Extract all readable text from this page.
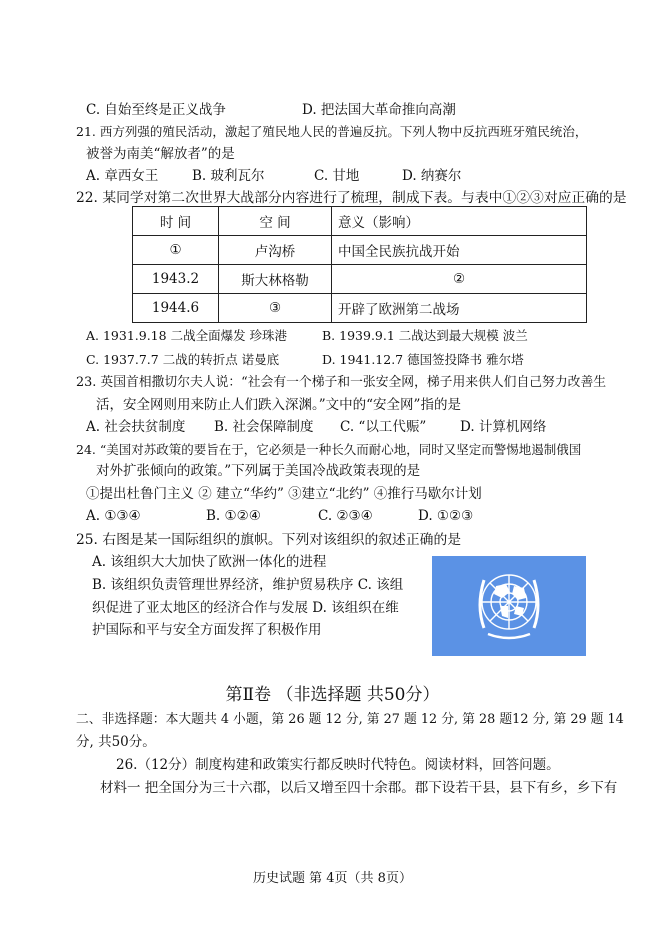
C. 自始至终是正义战争	D. 把法国大革命推向高潮
21. 西方列强的殖民活动，激起了殖民地人民的普遍反抗。下列人物中反抗西班牙殖民统治，
被誉为南美“解放者”的是
A. 章西女王 B. 玻利瓦尔	C. 甘地	D. 纳赛尔
22. 某同学对第二次世界大战部分内容进行了梳理，制成下表。与表中①②③对应正确的是
时 间	空 间	意义（影响）
①	卢沟桥	中国全民族抗战开始
1943.2	斯大林格勒	②
1944.6	③	开辟了欧洲第二战场
A. 1931.9.18 二战全面爆发 珍珠港	B. 1939.9.1 二战达到最大规模 波兰
C. 1937.7.7 二战的转折点 诺曼底	D. 1941.12.7 德国签投降书 雅尔塔
23. 英国首相撒切尔夫人说：“社会有一个梯子和一张安全网，梯子用来供人们自己努力改善生
活，安全网则用来防止人们跌入深渊。”文中的“安全网”指的是
A. 社会扶贫制度 B. 社会保障制度 C. “以工代赈”	D. 计算机网络
24. “美国对苏政策的要旨在于，它必须是一种长久而耐心地，同时又坚定而警惕地遏制俄国
对外扩张倾向的政策。”下列属于美国冷战政策表现的是
①提出杜鲁门主义 ② 建立“华约” ③建立“北约” ④推行马歇尔计划
A. ①③④	B. ①②④	C. ②③④	D. ①②③
25. 右图是某一国际组织的旗帜。下列对该组织的叙述正确的是
A. 该组织大大加快了欧洲一体化的进程
B. 该组织负责管理世界经济，维护贸易秩序 C. 该组
织促进了亚太地区的经济合作与发展 D. 该组织在维
护国际和平与安全方面发挥了积极作用
第Ⅱ卷 （非选择题 共50分）
二、非选择题：本大题共 4 小题，第 26 题 12 分, 第 27 题 12 分, 第 28 题12 分, 第 29 题 14
分, 共50分。
26.（12分）制度构建和政策实行都反映时代特色。阅读材料，回答问题。
材料一 把全国分为三十六郡，以后又增至四十余郡。郡下设若干县，县下有乡，乡下有
历史试题 第 4页（共 8页）
